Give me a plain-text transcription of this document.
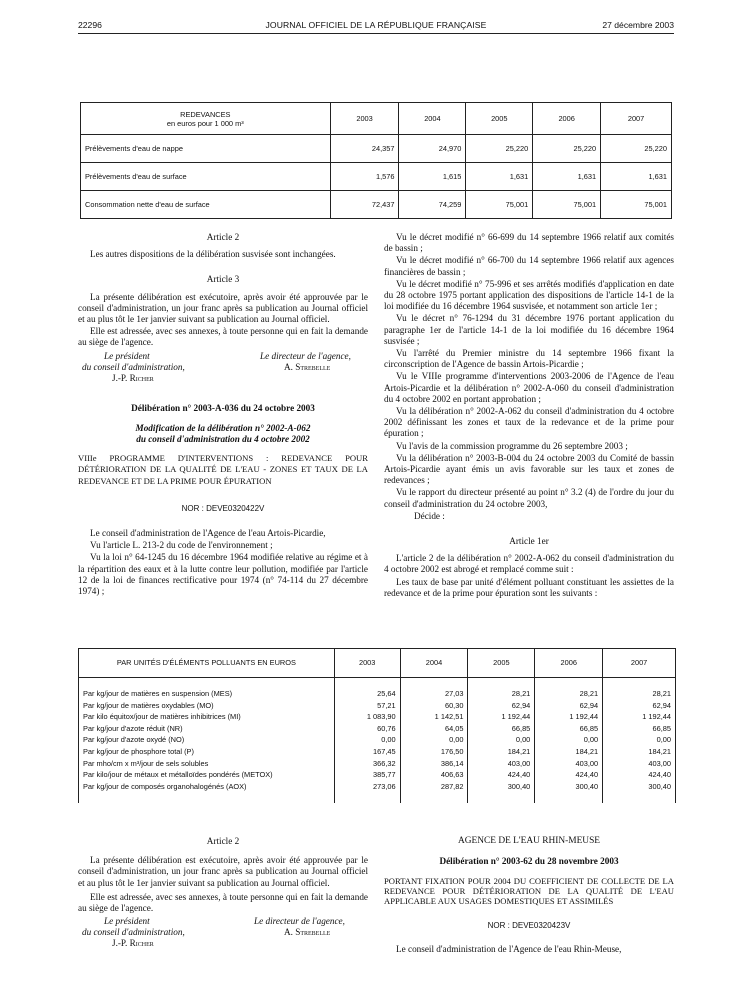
22296	JOURNAL OFFICIEL DE LA RÉPUBLIQUE FRANÇAISE	27 décembre 2003
REDEVANCES
en euros pour 1 000 m³	2003	2004	2005	2006	2007
Prélèvements d'eau de nappe	24,357	24,970	25,220	25,220	25,220
Prélèvements d'eau de surface	1,576	1,615	1,631	1,631	1,631
Consommation nette d'eau de surface	72,437	74,259	75,001	75,001	75,001
Article 2

Les autres dispositions de la délibération susvisée sont inchangées.

Article 3

La présente délibération est exécutoire, après avoir été approuvée par le conseil d'administration, un jour franc après sa publication au Journal officiel et au plus tôt le 1er janvier suivant sa publication au Journal officiel.

Elle est adressée, avec ses annexes, à toute personne qui en fait la demande au siège de l'agence.

Le président
du conseil d'administration,
J.-P. Richer
Le directeur de l'agence,
A. Strebelle
Délibération n° 2003-A-036 du 24 octobre 2003
Modification de la délibération n° 2002-A-062
du conseil d'administration du 4 octobre 2002

VIIIe PROGRAMME D'INTERVENTIONS : REDEVANCE POUR DÉTÉRIORATION DE LA QUALITÉ DE L'EAU - ZONES ET TAUX DE LA REDEVANCE ET DE LA PRIME POUR ÉPURATION

NOR : DEVE0320422V

Le conseil d'administration de l'Agence de l'eau Artois-Picardie,

Vu l'article L. 213-2 du code de l'environnement ;

Vu la loi n° 64-1245 du 16 décembre 1964 modifiée relative au régime et à la répartition des eaux et à la lutte contre leur pollution, modifiée par l'article 12 de la loi de finances rectificative pour 1974 (n° 74-114 du 27 décembre 1974) ;

Vu le décret modifié n° 66-699 du 14 septembre 1966 relatif aux comités de bassin ;

Vu le décret modifié n° 66-700 du 14 septembre 1966 relatif aux agences financières de bassin ;

Vu le décret modifié n° 75-996 et ses arrêtés modifiés d'application en date du 28 octobre 1975 portant application des dispositions de l'article 14-1 de la loi modifiée du 16 décembre 1964 susvisée, et notamment son article 1er ;

Vu le décret n° 76-1294 du 31 décembre 1976 portant application du paragraphe 1er de l'article 14-1 de la loi modifiée du 16 décembre 1964 susvisée ;

Vu l'arrêté du Premier ministre du 14 septembre 1966 fixant la circonscription de l'Agence de bassin Artois-Picardie ;

Vu le VIIIe programme d'interventions 2003-2006 de l'Agence de l'eau Artois-Picardie et la délibération n° 2002-A-060 du conseil d'administration du 4 octobre 2002 en portant approbation ;

Vu la délibération n° 2002-A-062 du conseil d'administration du 4 octobre 2002 définissant les zones et taux de la redevance et de la prime pour épuration ;

Vu l'avis de la commission programme du 26 septembre 2003 ;

Vu la délibération n° 2003-B-004 du 24 octobre 2003 du Comité de bassin Artois-Picardie ayant émis un avis favorable sur les taux et zones de redevances ;

Vu le rapport du directeur présenté au point n° 3.2 (4) de l'ordre du jour du conseil d'administration du 24 octobre 2003,

Décide :

Article 1er

L'article 2 de la délibération n° 2002-A-062 du conseil d'administration du 4 octobre 2002 est abrogé et remplacé comme suit :

Les taux de base par unité d'élément polluant constituant les assiettes de la redevance et de la prime pour épuration sont les suivants :

PAR UNITÉS D'ÉLÉMENTS POLLUANTS EN EUROS	2003	2004	2005	2006	2007
Par kg/jour de matières en suspension (MES)	25,64	27,03	28,21	28,21	28,21
Par kg/jour de matières oxydables (MO)	57,21	60,30	62,94	62,94	62,94
Par kilo équitox/jour de matières inhibitrices (MI)	1 083,90	1 142,51	1 192,44	1 192,44	1 192,44
Par kg/jour d'azote réduit (NR)	60,76	64,05	66,85	66,85	66,85
Par kg/jour d'azote oxydé (NO)	0,00	0,00	0,00	0,00	0,00
Par kg/jour de phosphore total (P)	167,45	176,50	184,21	184,21	184,21
Par mho/cm x m³/jour de sels solubles	366,32	386,14	403,00	403,00	403,00
Par kilo/jour de métaux et métalloïdes pondérés (METOX)	385,77	406,63	424,40	424,40	424,40
Par kg/jour de composés organohalogénés (AOX)	273,06	287,82	300,40	300,40	300,40
Article 2

La présente délibération est exécutoire, après avoir été approuvée par le conseil d'administration, un jour franc après sa publication au Journal officiel et au plus tôt le 1er janvier suivant sa publication au Journal officiel.

Elle est adressée, avec ses annexes, à toute personne qui en fait la demande au siège de l'agence.

Le président
du conseil d'administration,
J.-P. Richer
Le directeur de l'agence,
A. Strebelle
AGENCE DE L'EAU RHIN-MEUSE
Délibération n° 2003-62 du 28 novembre 2003

PORTANT FIXATION POUR 2004 DU COEFFICIENT DE COLLECTE DE LA REDEVANCE POUR DÉTÉRIORATION DE LA QUALITÉ DE L'EAU APPLICABLE AUX USAGES DOMESTIQUES ET ASSIMILÉS

NOR : DEVE0320423V

Le conseil d'administration de l'Agence de l'eau Rhin-Meuse,
